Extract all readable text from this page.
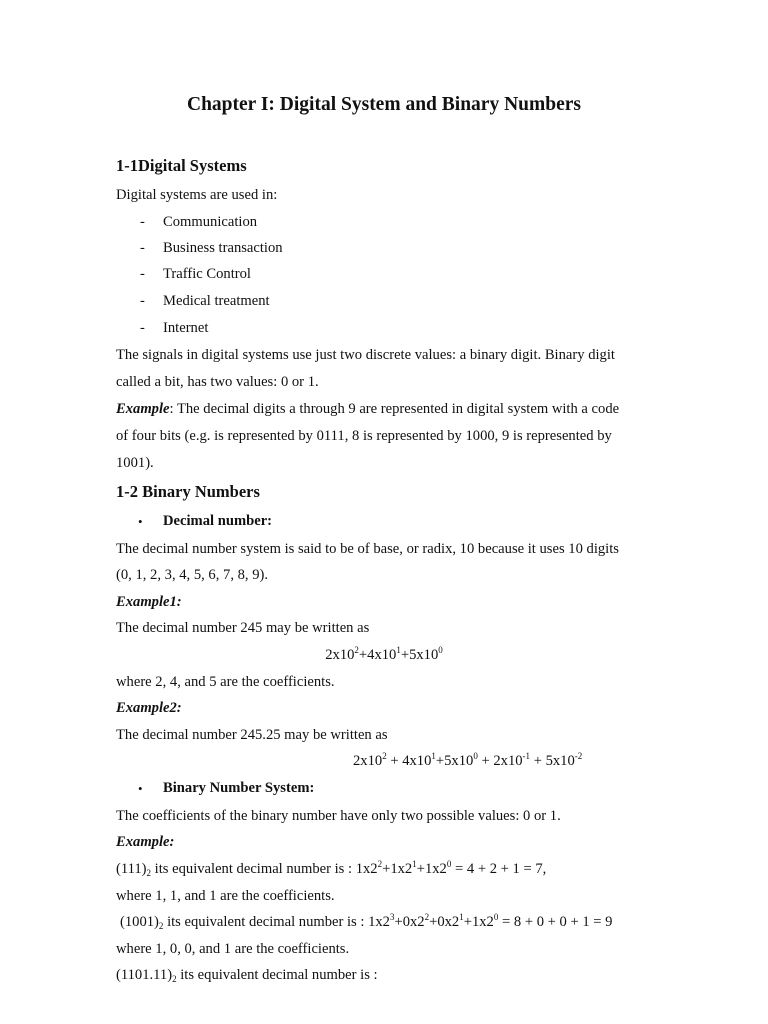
Chapter I: Digital System and Binary Numbers
1-1Digital Systems
Digital systems are used in:
- Communication
- Business transaction
- Traffic Control
- Medical treatment
- Internet
The signals in digital systems use just two discrete values: a binary digit. Binary digit
called a bit, has two values: 0 or 1.
Example: The decimal digits a through 9 are represented in digital system with a code
of four bits (e.g. is represented by 0111, 8 is represented by 1000, 9 is represented by
1001).
1-2 Binary Numbers
• Decimal number:
The decimal number system is said to be of base, or radix, 10 because it uses 10 digits
(0, 1, 2, 3, 4, 5, 6, 7, 8, 9).
Example1:
The decimal number 245 may be written as
$2x10^2+4x10^1+5x10^0$
where 2, 4, and 5 are the coefficients.
Example2:
The decimal number 245.25 may be written as
$2x10^2 + 4x10^1+5x10^0 + 2x10^{-1} + 5x10^{-2}$
• Binary Number System:
The coefficients of the binary number have only two possible values: 0 or 1.
Example:
$(111)_2$ its equivalent decimal number is : $1x2^2+1x2^1+1x2^0 = 4 + 2 + 1 = 7$,
where 1, 1, and 1 are the coefficients.
$(1001)_2$ its equivalent decimal number is : $1x2^3+0x2^2+0x2^1+1x2^0 = 8 + 0 + 0 + 1 = 9$
where 1, 0, 0, and 1 are the coefficients.
$(1101.11)_2$ its equivalent decimal number is :
